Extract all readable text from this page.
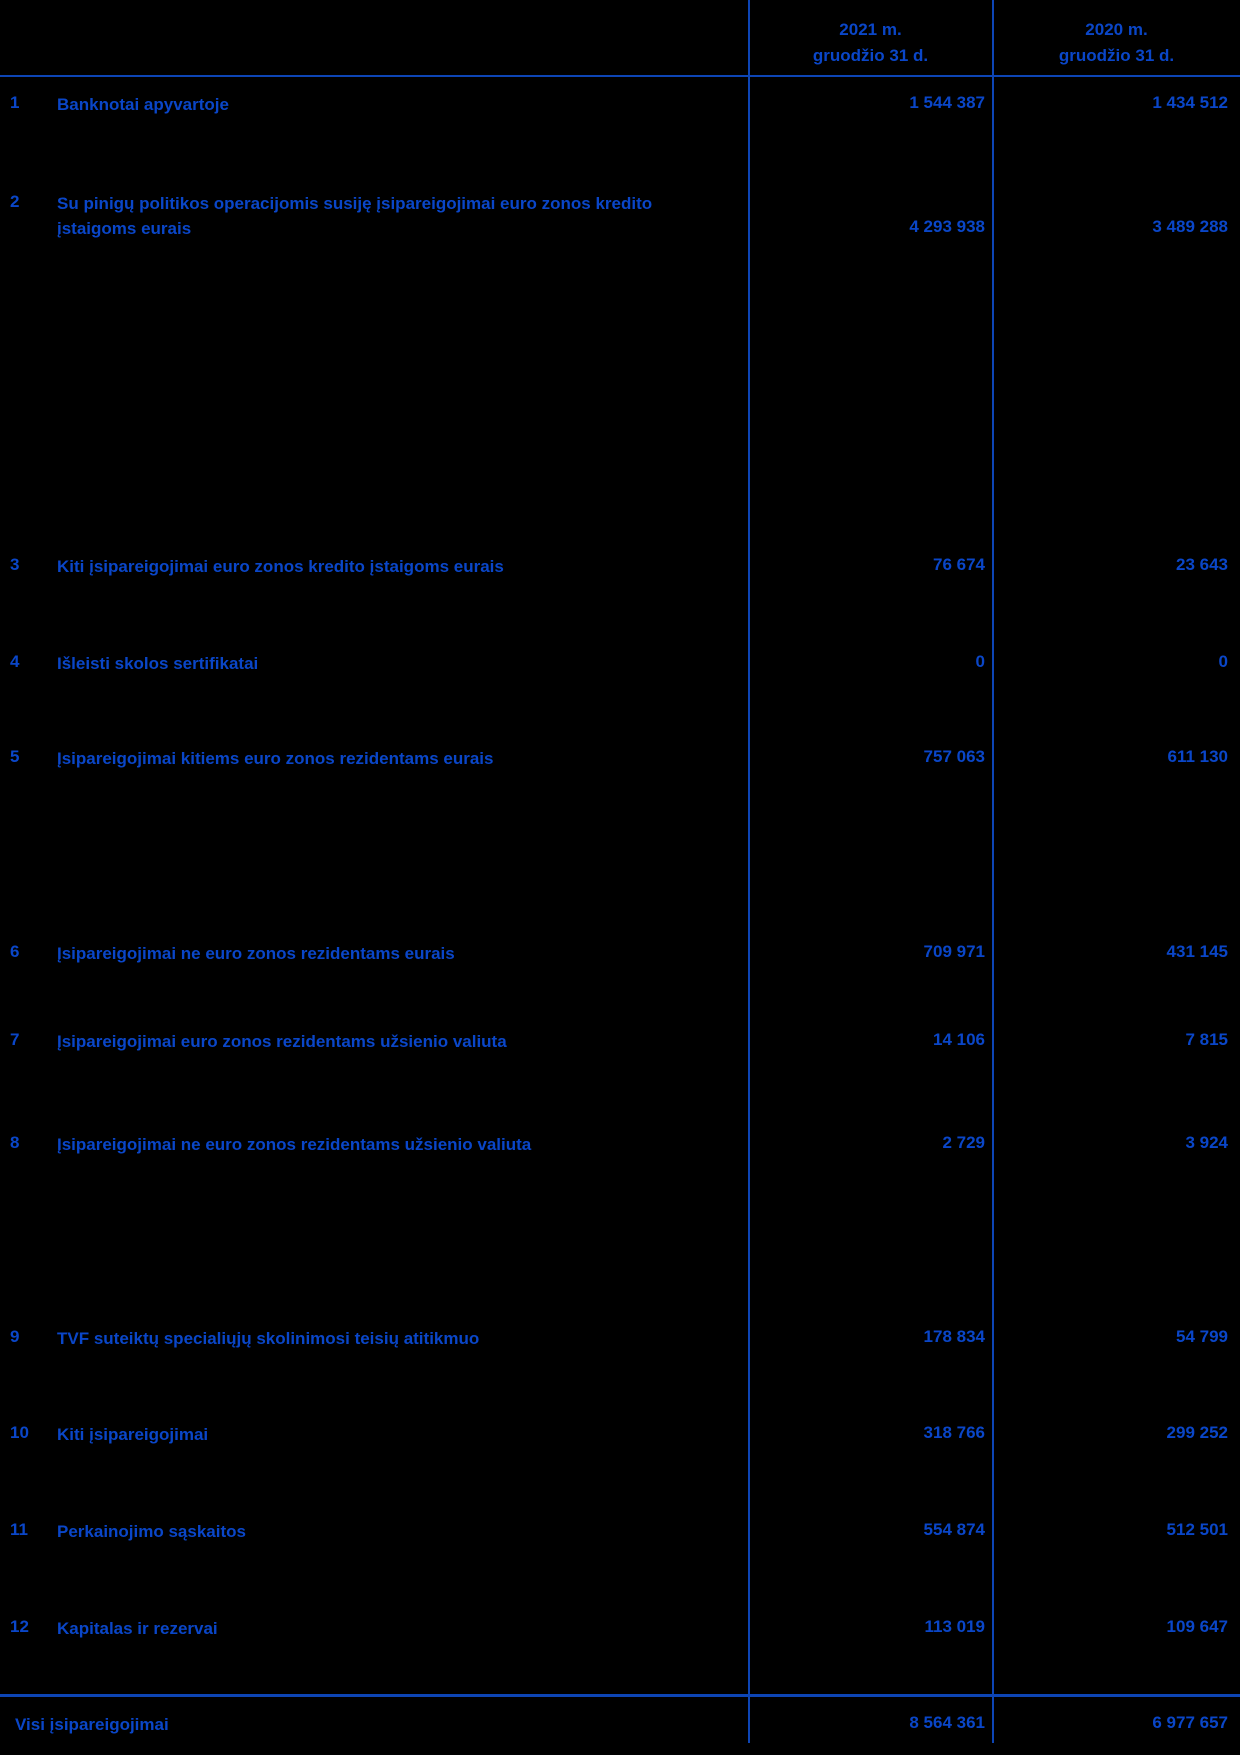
2021 m.
gruodžio 31 d.
2020 m.
gruodžio 31 d.
1 Banknotai apyvartoje	1 544 387	1 434 512
2 Su pinigų politikos operacijomis susiję įsipareigojimai euro zonos kredito įstaigoms eurais	4 293 938	3 489 288
3 Kiti įsipareigojimai euro zonos kredito įstaigoms eurais	76 674	23 643
4 Išleisti skolos sertifikatai	0	0
5 Įsipareigojimai kitiems euro zonos rezidentams eurais	757 063	611 130
6 Įsipareigojimai ne euro zonos rezidentams eurais	709 971	431 145
7 Įsipareigojimai euro zonos rezidentams užsienio valiuta	14 106	7 815
8 Įsipareigojimai ne euro zonos rezidentams užsienio valiuta	2 729	3 924
9 TVF suteiktų specialiųjų skolinimosi teisių atitikmuo	178 834	54 799
10 Kiti įsipareigojimai	318 766	299 252
11 Perkainojimo sąskaitos	554 874	512 501
12 Kapitalas ir rezervai	113 019	109 647
Visi įsipareigojimai	8 564 361	6 977 657
